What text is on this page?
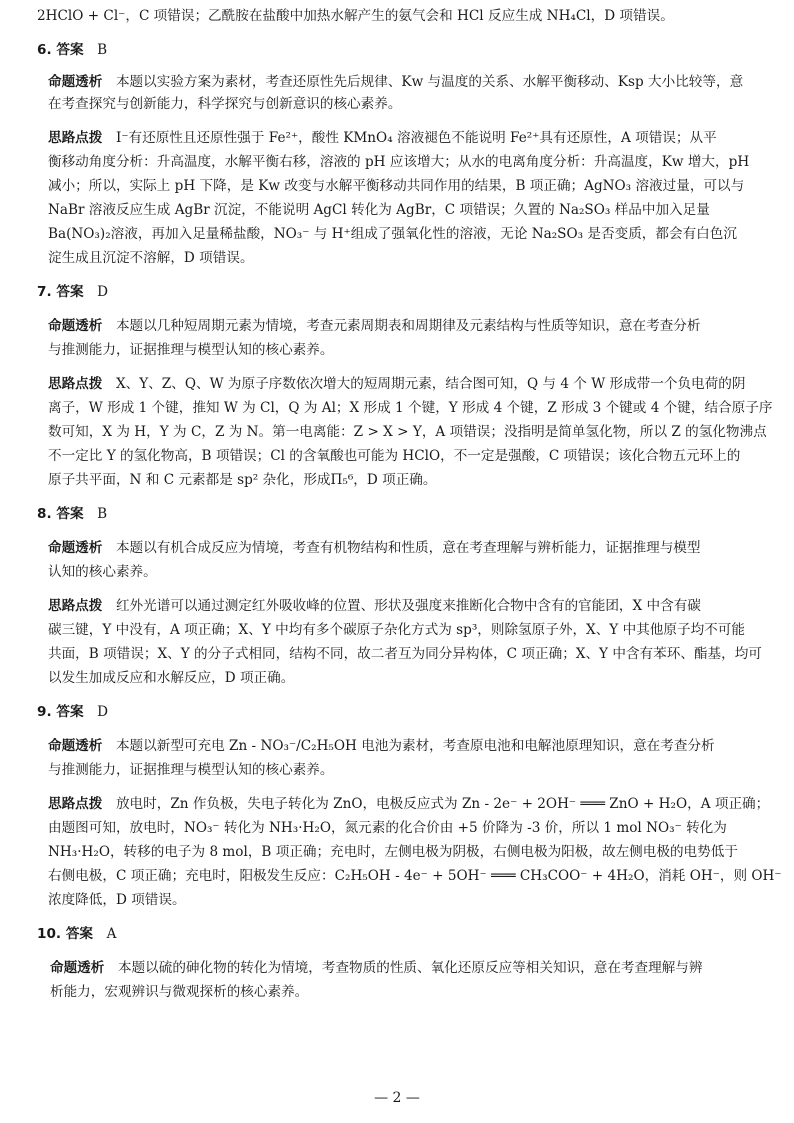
2HClO + Cl⁻，C 项错误；乙酰胺在盐酸中加热水解产生的氨气会和 HCl 反应生成 NH₄Cl，D 项错误。
6. 答案　B
命题透析　本题以实验方案为素材，考查还原性先后规律、Kw 与温度的关系、水解平衡移动、Ksp 大小比较等，意
在考查探究与创新能力，科学探究与创新意识的核心素养。
思路点拨　I⁻有还原性且还原性强于 Fe²⁺，酸性 KMnO₄ 溶液褪色不能说明 Fe²⁺具有还原性，A 项错误；从平
衡移动角度分析：升高温度，水解平衡右移，溶液的 pH 应该增大；从水的电离角度分析：升高温度，Kw 增大，pH
减小；所以，实际上 pH 下降，是 Kw 改变与水解平衡移动共同作用的结果，B 项正确；AgNO₃ 溶液过量，可以与
NaBr 溶液反应生成 AgBr 沉淀，不能说明 AgCl 转化为 AgBr，C 项错误；久置的 Na₂SO₃ 样品中加入足量
Ba(NO₃)₂溶液，再加入足量稀盐酸，NO₃⁻ 与 H⁺组成了强氧化性的溶液，无论 Na₂SO₃ 是否变质，都会有白色沉
淀生成且沉淀不溶解，D 项错误。
7. 答案　D
命题透析　本题以几种短周期元素为情境，考查元素周期表和周期律及元素结构与性质等知识，意在考查分析
与推测能力，证据推理与模型认知的核心素养。
思路点拨　X、Y、Z、Q、W 为原子序数依次增大的短周期元素，结合图可知，Q 与 4 个 W 形成带一个负电荷的阴
离子，W 形成 1 个键，推知 W 为 Cl，Q 为 Al；X 形成 1 个键，Y 形成 4 个键，Z 形成 3 个键或 4 个键，结合原子序
数可知，X 为 H，Y 为 C，Z 为 N。第一电离能：Z > X > Y，A 项错误；没指明是简单氢化物，所以 Z 的氢化物沸点
不一定比 Y 的氢化物高，B 项错误；Cl 的含氧酸也可能为 HClO，不一定是强酸，C 项错误；该化合物五元环上的
原子共平面，N 和 C 元素都是 sp² 杂化，形成Π₅⁶，D 项正确。
8. 答案　B
命题透析　本题以有机合成反应为情境，考查有机物结构和性质，意在考查理解与辨析能力，证据推理与模型
认知的核心素养。
思路点拨　红外光谱可以通过测定红外吸收峰的位置、形状及强度来推断化合物中含有的官能团，X 中含有碳
碳三键，Y 中没有，A 项正确；X、Y 中均有多个碳原子杂化方式为 sp³，则除氢原子外，X、Y 中其他原子均不可能
共面，B 项错误；X、Y 的分子式相同，结构不同，故二者互为同分异构体，C 项正确；X、Y 中含有苯环、酯基，均可
以发生加成反应和水解反应，D 项正确。
9. 答案　D
命题透析　本题以新型可充电 Zn - NO₃⁻/C₂H₅OH 电池为素材，考查原电池和电解池原理知识，意在考查分析
与推测能力，证据推理与模型认知的核心素养。
思路点拨　放电时，Zn 作负极，失电子转化为 ZnO，电极反应式为 Zn - 2e⁻ + 2OH⁻ ═══ ZnO + H₂O，A 项正确；
由题图可知，放电时，NO₃⁻ 转化为 NH₃·H₂O，氮元素的化合价由 +5 价降为 -3 价，所以 1 mol NO₃⁻ 转化为
NH₃·H₂O，转移的电子为 8 mol，B 项正确；充电时，左侧电极为阴极，右侧电极为阳极，故左侧电极的电势低于
右侧电极，C 项正确；充电时，阳极发生反应：C₂H₅OH - 4e⁻ + 5OH⁻ ═══ CH₃COO⁻ + 4H₂O，消耗 OH⁻，则 OH⁻
浓度降低，D 项错误。
10. 答案　A
命题透析　本题以硫的砷化物的转化为情境，考查物质的性质、氧化还原反应等相关知识，意在考查理解与辨
析能力，宏观辨识与微观探析的核心素养。
— 2 —
